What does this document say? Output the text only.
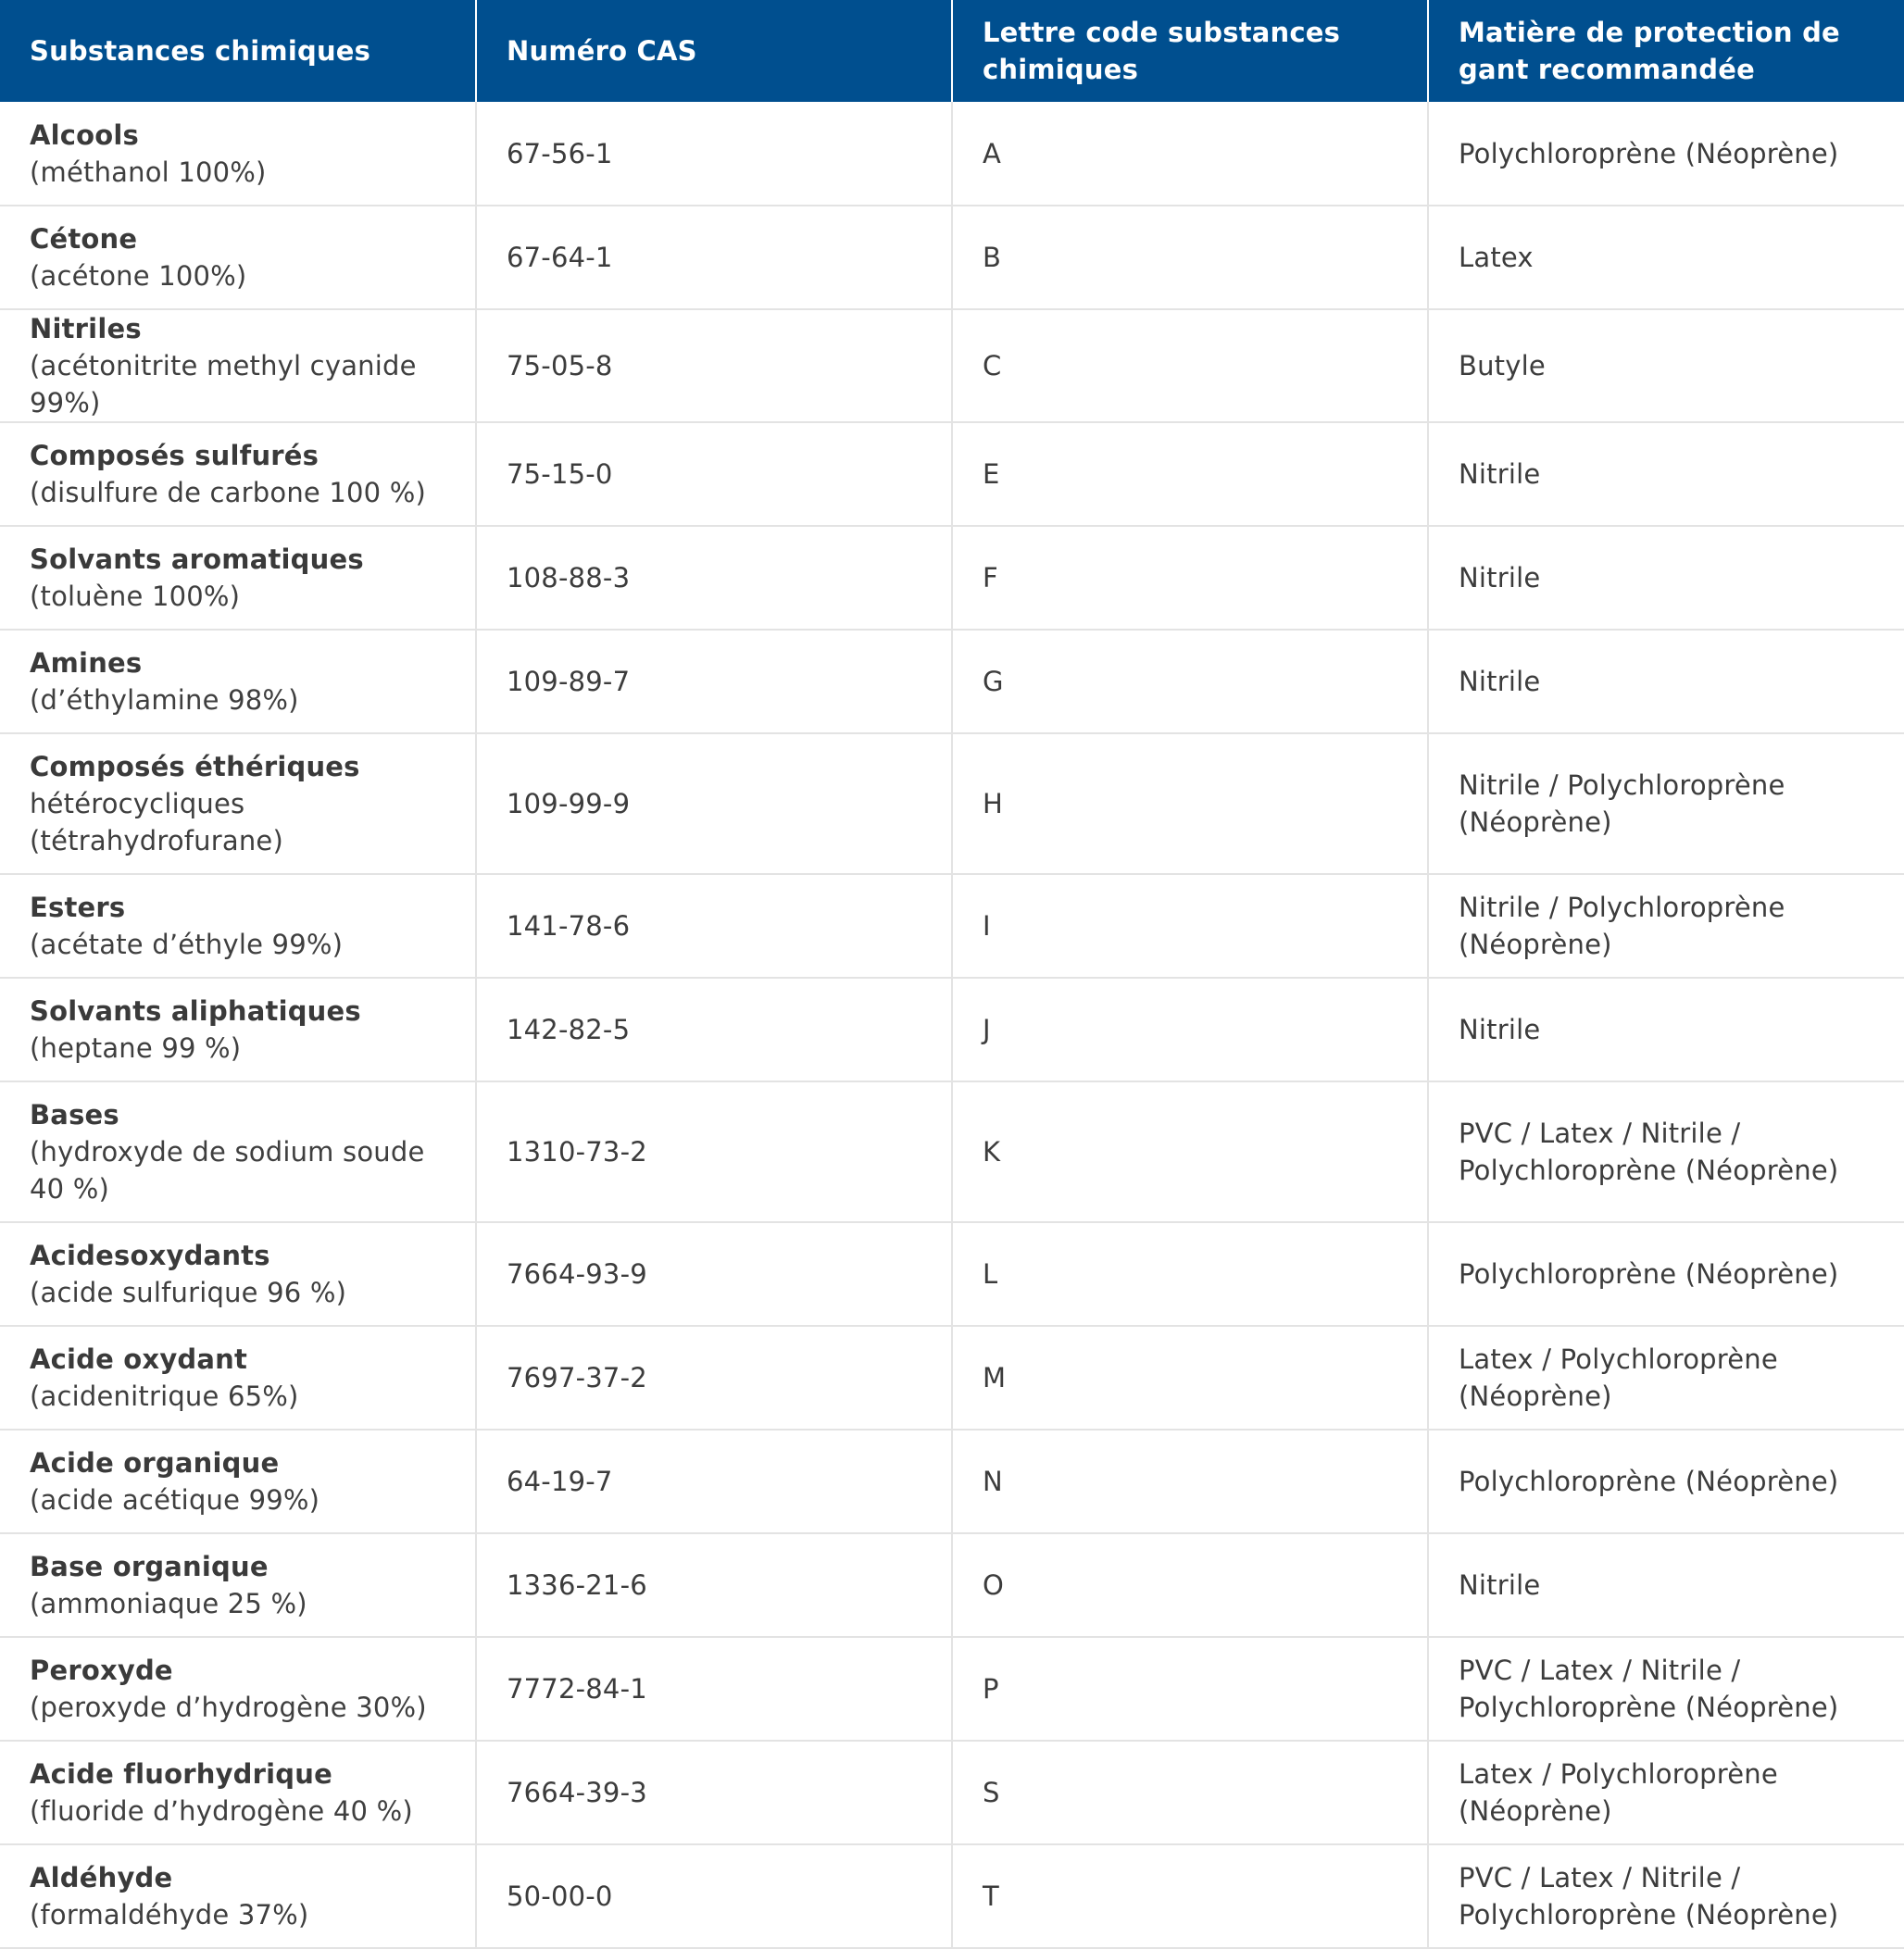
Substances chimiques	Numéro CAS	Lettre code substances chimiques	Matière de protection de gant recommandée

Alcools
(méthanol 100%)	67-56-1	A	Polychloroprène (Néoprène)

Cétone
(acétone 100%)	67-64-1	B	Latex

Nitriles
(acétonitrite methyl cyanide 99%)	75-05-8	C	Butyle

Composés sulfurés
(disulfure de carbone 100 %)	75-15-0	E	Nitrile

Solvants aromatiques
(toluène 100%)	108-88-3	F	Nitrile

Amines
(d’éthylamine 98%)	109-89-7	G	Nitrile

Composés éthériques
hétérocycliques (tétrahydrofurane)	109-99-9	H	Nitrile / Polychloroprène (Néoprène)

Esters
(acétate d’éthyle 99%)	141-78-6	I	Nitrile / Polychloroprène (Néoprène)

Solvants aliphatiques
(heptane 99 %)	142-82-5	J	Nitrile

Bases
(hydroxyde de sodium soude 40 %)	1310-73-2	K	PVC / Latex / Nitrile / Polychloroprène (Néoprène)

Acidesoxydants
(acide sulfurique 96 %)	7664-93-9	L	Polychloroprène (Néoprène)

Acide oxydant
(acidenitrique 65%)	7697-37-2	M	Latex / Polychloroprène (Néoprène)

Acide organique
(acide acétique 99%)	64-19-7	N	Polychloroprène (Néoprène)

Base organique
(ammoniaque 25 %)	1336-21-6	O	Nitrile

Peroxyde
(peroxyde d’hydrogène 30%)	7772-84-1	P	PVC / Latex / Nitrile / Polychloroprène (Néoprène)

Acide fluorhydrique
(fluoride d’hydrogène 40 %)	7664-39-3	S	Latex / Polychloroprène (Néoprène)

Aldéhyde
(formaldéhyde 37%)	50-00-0	T	PVC / Latex / Nitrile / Polychloroprène (Néoprène)
